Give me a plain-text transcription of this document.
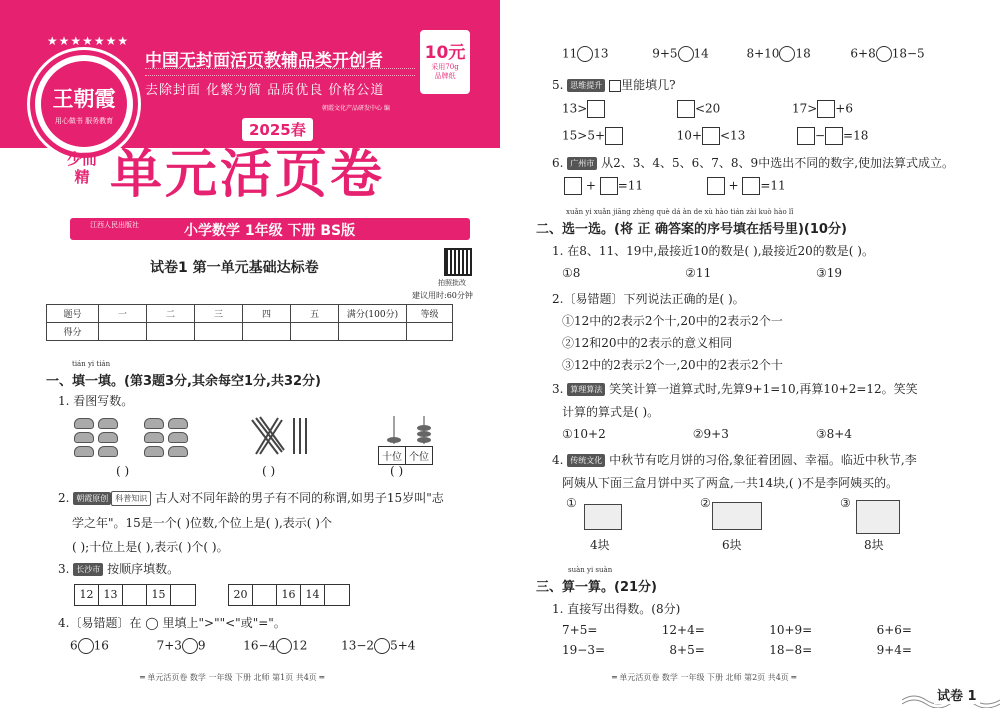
★★★★★★★
王朝霞
用心做书 服务教育
中国无封面活页教辅品类开创者
去除封面 化繁为简 品质优良 价格公道
朝霞文化产品研发中心 编
10元
采用70g
品牌纸
2025春
少而精 单元活页卷
江西人民出版社	小学数学 1年级 下册 BS版
试卷1 第一单元基础达标卷
拍照批改
建议用时:60分钟
题号	一	二	三	四	五	满分(100分)	等级
得分							
tián yi tián
一、填一填。(第3题3分,其余每空1分,共32分)
1. 看图写数。
十位 个位
( )	( )	( )
2. 朝霞原创 科普知识 古人对不同年龄的男子有不同的称谓,如男子15岁叫"志
学之年"。15是一个( )位数,个位上是( ),表示( )个
( );十位上是( ),表示( )个( )。
3. 长沙市 按顺序填数。
12 13	15	20	16 14
4.〔易错题〕在 ◯ 里填上">""<"或"="。
6 16	7+3 9	16−4 12	13−2 5+4
═ 单元活页卷 数学 一年级 下册 北师 第1页 共4页 ═
11 13	9+5 14	8+10 18	6+8 18−5
5. 思维提升 里能填几?
13>	<20	17> +6
15>5+	10+ <13	− =18
6. 广州市 从2、3、4、5、6、7、8、9中选出不同的数字,使加法算式成立。
+ =11	+ =11
xuǎn yi xuǎn jiāng zhèng què dá àn de xù hào tián zài kuò hào lǐ
二、选一选。(将 正 确答案的序号填在括号里)(10分)
1. 在8、11、19中,最接近10的数是( ),最接近20的数是( )。
①8	②11	③19
2.〔易错题〕下列说法正确的是( )。
①12中的2表示2个十,20中的2表示2个一
②12和20中的2表示的意义相同
③12中的2表示2个一,20中的2表示2个十
3. 算理算法 笑笑计算一道算式时,先算9+1=10,再算10+2=12。笑笑
计算的算式是( )。
①10+2	②9+3	③8+4
4. 传统文化 中秋节有吃月饼的习俗,象征着团圆、幸福。临近中秋节,李
阿姨从下面三盒月饼中买了两盒,一共14块,( )不是李阿姨买的。
①
4块
②
6块
③
8块
suàn yi suàn
三、算一算。(21分)
1. 直接写出得数。(8分)
7+5=	12+4=	10+9=	6+6=
19−3=	8+5=	18−8=	9+4=
═ 单元活页卷 数学 一年级 下册 北师 第2页 共4页 ═
试卷 1
